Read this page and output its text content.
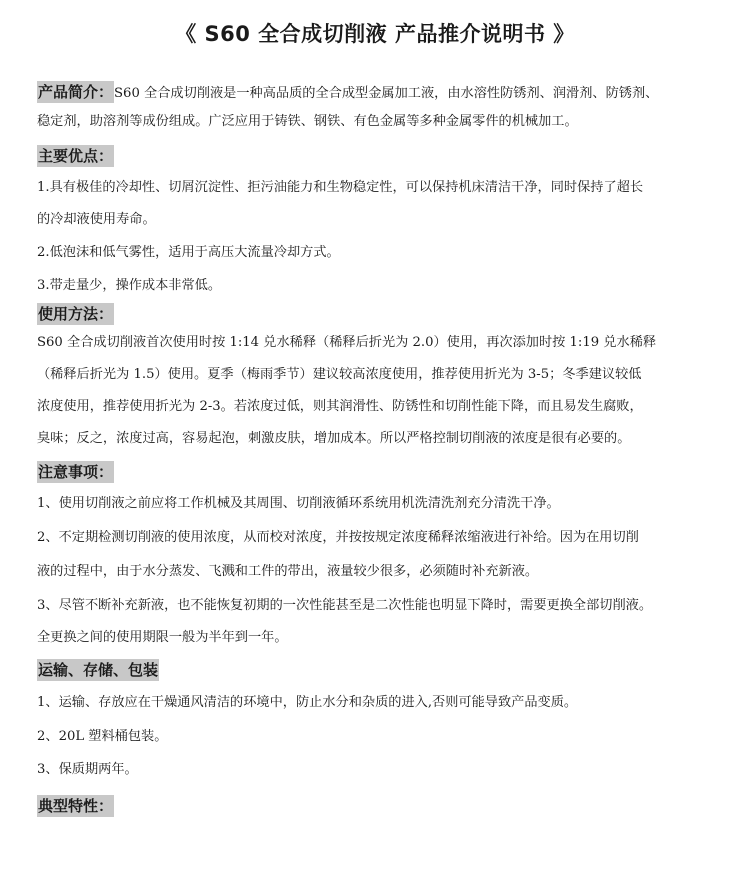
《 S60 全合成切削液 产品推介说明书 》
产品简介：S60 全合成切削液是一种高品质的全合成型金属加工液，由水溶性防锈剂、润滑剂、防锈剂、
稳定剂，助溶剂等成份组成。广泛应用于铸铁、钢铁、有色金属等多种金属零件的机械加工。
主要优点：
1.具有极佳的冷却性、切屑沉淀性、拒污油能力和生物稳定性，可以保持机床清洁干净，同时保持了超长
的冷却液使用寿命。
2.低泡沫和低气雾性，适用于高压大流量冷却方式。
3.带走量少，操作成本非常低。
使用方法：
S60 全合成切削液首次使用时按 1:14 兑水稀释（稀释后折光为 2.0）使用，再次添加时按 1:19 兑水稀释
（稀释后折光为 1.5）使用。夏季（梅雨季节）建议较高浓度使用，推荐使用折光为 3-5；冬季建议较低
浓度使用，推荐使用折光为 2-3。若浓度过低，则其润滑性、防锈性和切削性能下降，而且易发生腐败，
臭味；反之，浓度过高，容易起泡，刺激皮肤，增加成本。所以严格控制切削液的浓度是很有必要的。
注意事项：
1、使用切削液之前应将工作机械及其周围、切削液循环系统用机洗清洗剂充分清洗干净。
2、不定期检测切削液的使用浓度，从而校对浓度，并按按规定浓度稀释浓缩液进行补给。因为在用切削
液的过程中，由于水分蒸发、飞溅和工件的带出，液量较少很多，必须随时补充新液。
3、尽管不断补充新液，也不能恢复初期的一次性能甚至是二次性能也明显下降时，需要更换全部切削液。
全更换之间的使用期限一般为半年到一年。
运输、存储、包装
1、运输、存放应在干燥通风清洁的环境中，防止水分和杂质的进入,否则可能导致产品变质。
2、20L 塑料桶包装。
3、保质期两年。
典型特性：
